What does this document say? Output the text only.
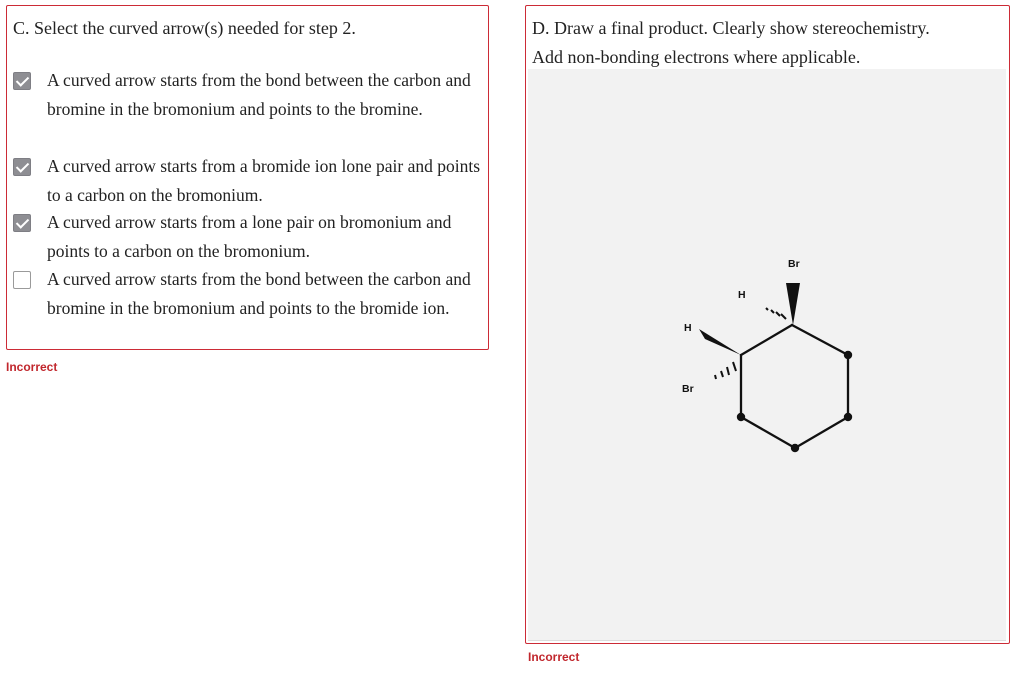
C. Select the curved arrow(s) needed for step 2.
A curved arrow starts from the bond between the carbon and bromine in the bromonium and points to the bromine.
A curved arrow starts from a bromide ion lone pair and points to a carbon on the bromonium.
A curved arrow starts from a lone pair on bromonium and points to a carbon on the bromonium.
A curved arrow starts from the bond between the carbon and bromine in the bromonium and points to the bromide ion.
Incorrect
D. Draw a final product. Clearly show stereochemistry.
Add non-bonding electrons where applicable.
Br
H
H
Br
Incorrect
